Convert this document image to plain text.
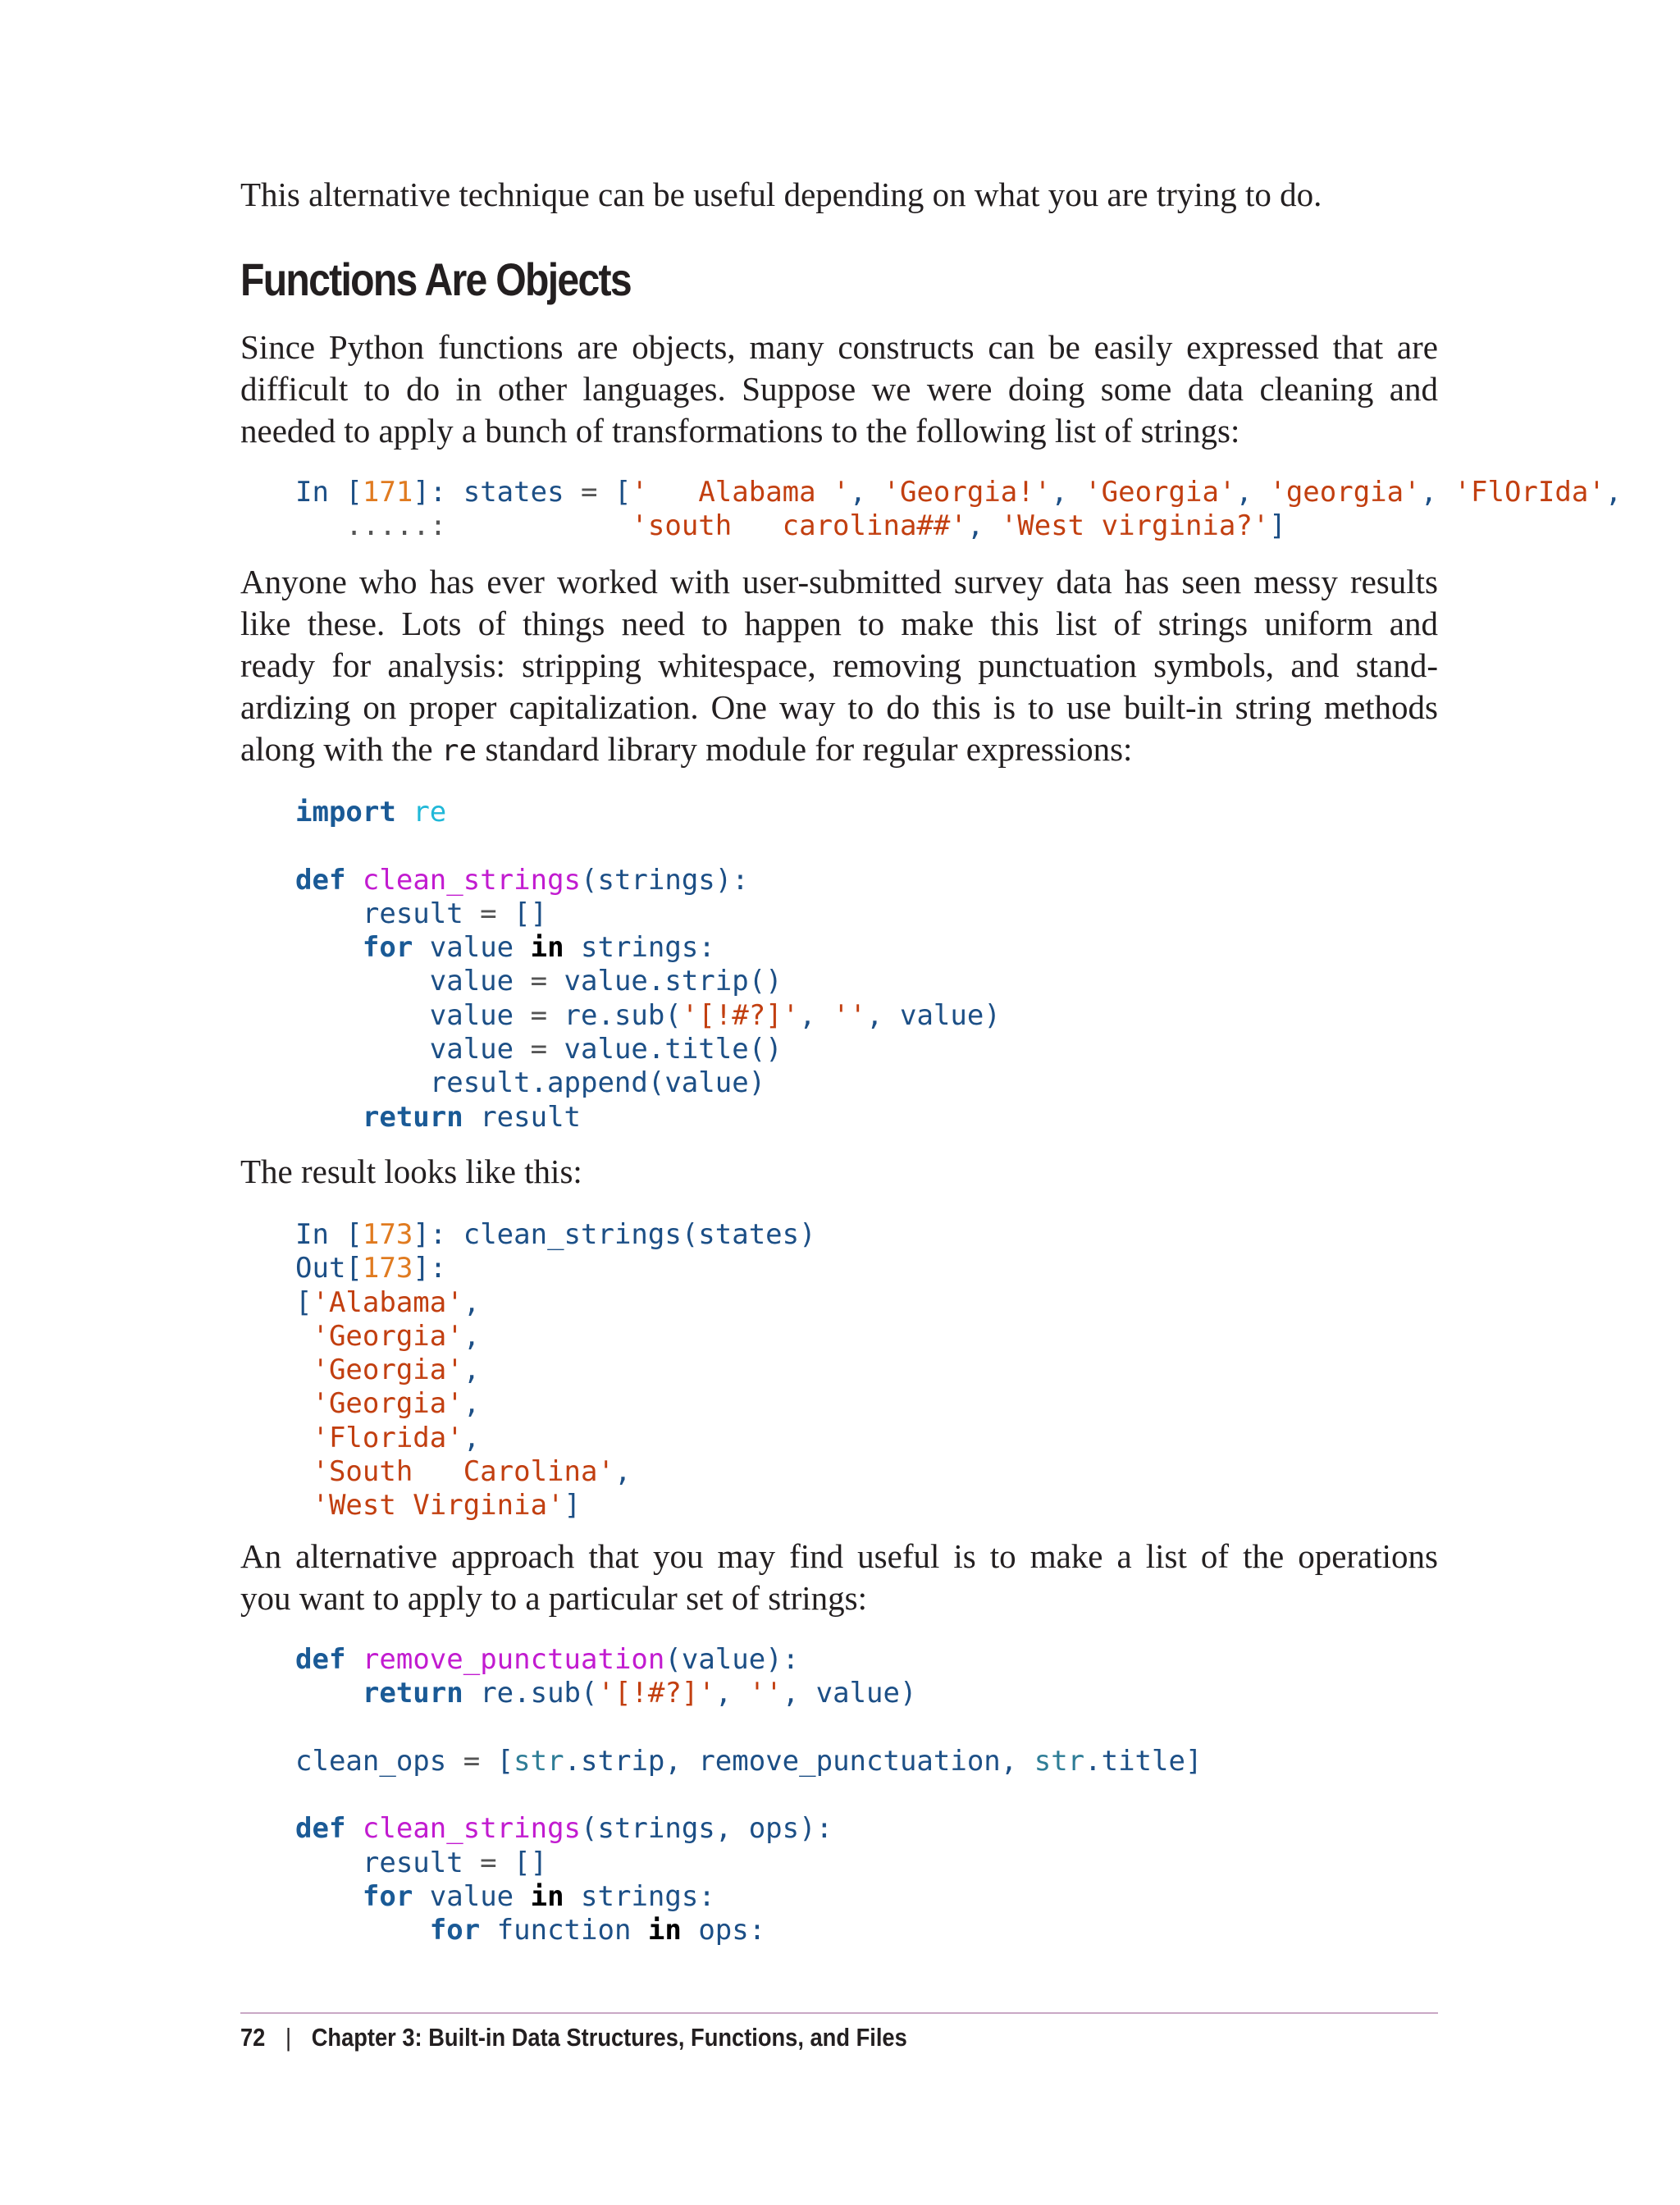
This alternative technique can be useful depending on what you are trying to do.

Functions Are Objects

Since Python functions are objects, many constructs can be easily expressed that are
difficult to do in other languages. Suppose we were doing some data cleaning and
needed to apply a bunch of transformations to the following list of strings:

In [171]: states = ['   Alabama ', 'Georgia!', 'Georgia', 'georgia', 'FlOrIda',
.....:	'south   carolina##', 'West virginia?']

Anyone who has ever worked with user-submitted survey data has seen messy results
like these. Lots of things need to happen to make this list of strings uniform and
ready for analysis: stripping whitespace, removing punctuation symbols, and stand-
ardizing on proper capitalization. One way to do this is to use built-in string methods
along with the re standard library module for regular expressions:

import re

def clean_strings(strings):
result = []
for value in strings:
value = value.strip()
value = re.sub('[!#?]', '', value)
value = value.title()
result.append(value)
return result

The result looks like this:

In [173]: clean_strings(states)
Out[173]:
['Alabama',
'Georgia',
'Georgia',
'Georgia',
'Florida',
'South   Carolina',
'West Virginia']

An alternative approach that you may find useful is to make a list of the operations
you want to apply to a particular set of strings:

def remove_punctuation(value):
return re.sub('[!#?]', '', value)

clean_ops = [str.strip, remove_punctuation, str.title]

def clean_strings(strings, ops):
result = []
for value in strings:
for function in ops:
72 | Chapter 3: Built-in Data Structures, Functions, and Files
